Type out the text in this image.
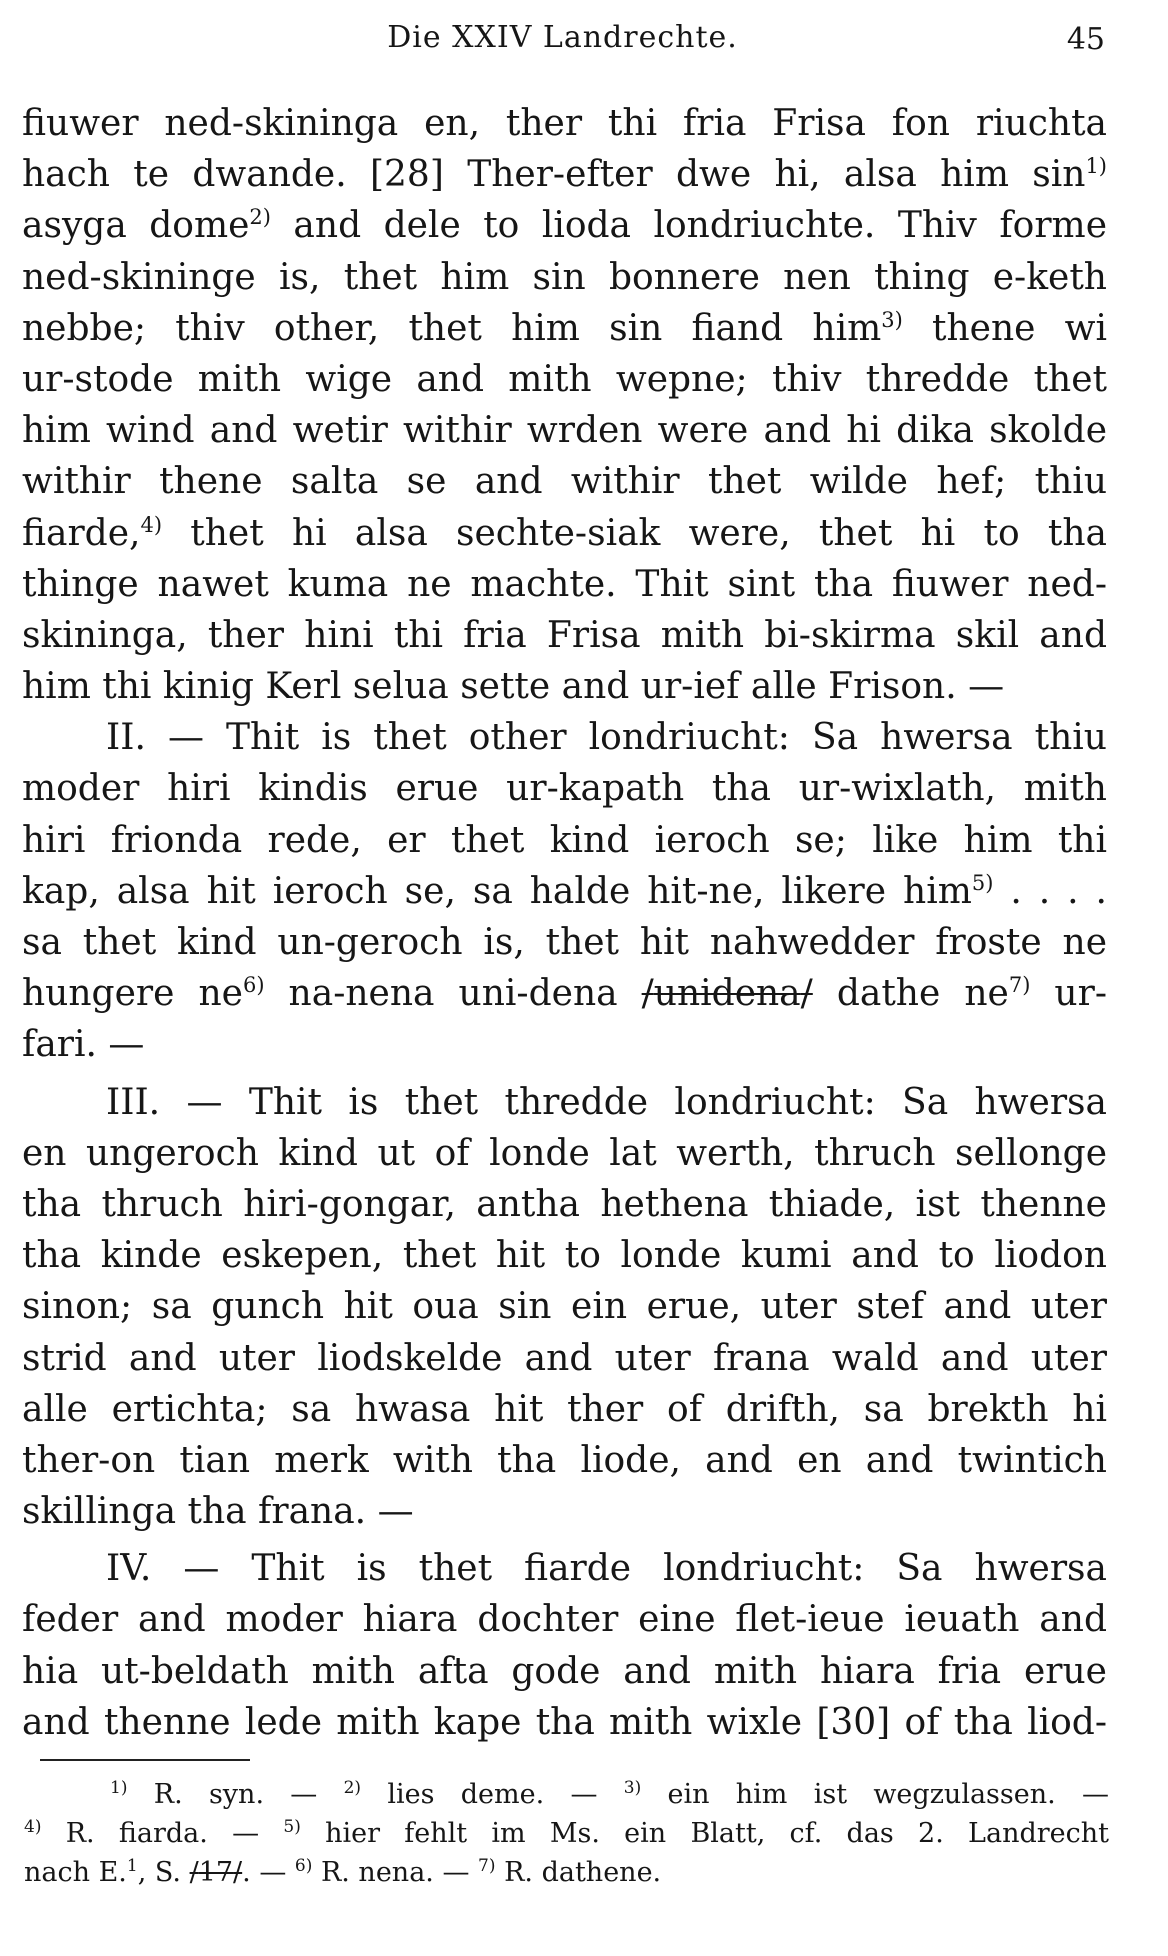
Die XXIV Landrechte.	45
fiuwer ned-skininga en, ther thi fria Frisa fon riuchta
hach te dwande. [28] Ther-efter dwe hi, alsa him $\sin^{1)}$
asyga dome$^{2)}$ and dele to lioda londriuchte. Thiv forme
ned-skininge is, thet him sin bonnere nen thing e-keth
nebbe; thiv other, thet him sin fiand him$^{3)}$ thene wi
ur-stode mith wige and mith wepne; thiv thredde thet
him wind and wetir withir wrden were and hi dika skolde
withir thene salta se and withir thet wilde hef; thiu
fiarde,$^{4)}$ thet hi alsa sechte-siak were, thet hi to tha
thinge nawet kuma ne machte. Thit sint tha fiuwer ned-
skininga, ther hini thi fria Frisa mith bi-skirma skil and
him thi kinig Kerl selua sette and ur-ief alle Frison. —
II. — Thit is thet other londriucht: Sa hwersa thiu
moder hiri kindis erue ur-kapath tha ur-wixlath, mith
hiri frionda rede, er thet kind ieroch se; like him thi
kap, alsa hit ieroch se, sa halde hit-ne, likere him$^{5)}$ . . . .
sa thet kind un-geroch is, thet hit nahwedder froste ne
hungere $ne^{6)}$ na-nena uni-dena / unidena / dathe $ne^{7)}$ ur-
fari. —
III. — Thit is thet thredde londriucht: Sa hwersa
en ungeroch kind ut of londe lat werth, thruch sellonge
tha thruch hiri-gongar, antha hethena thiade, ist thenne
tha kinde eskepen, thet hit to londe kumi and to liodon
sinon; sa gunch hit oua sin ein erue, uter stef and uter
strid and uter liodskelde and uter frana wald and uter
alle ertichta; sa hwasa hit ther of drifth, sa brekth hi
ther-on tian merk with tha liode, and en and twintich
skillinga tha frana. —
IV. — Thit is thet fiarde londriucht: Sa hwersa
feder and moder hiara dochter eine flet-ieue ieuath and
hia ut-beldath mith afta gode and mith hiara fria erue
and thenne lede mith kape tha mith wixle [30] of tha liod-
$^{1)}$ R. syn. — $^{2)}$ lies deme. — $^{3)}$ ein him ist wegzulassen. —
$^{4)}$ R. fiarda. — $^{5)}$ hier fehlt im Ms. ein Blatt, cf. das 2. Landrecht
nach E.$^1$, S. / 17 / . — $^{6)}$ R. nena. — $^{7)}$ R. dathene.
